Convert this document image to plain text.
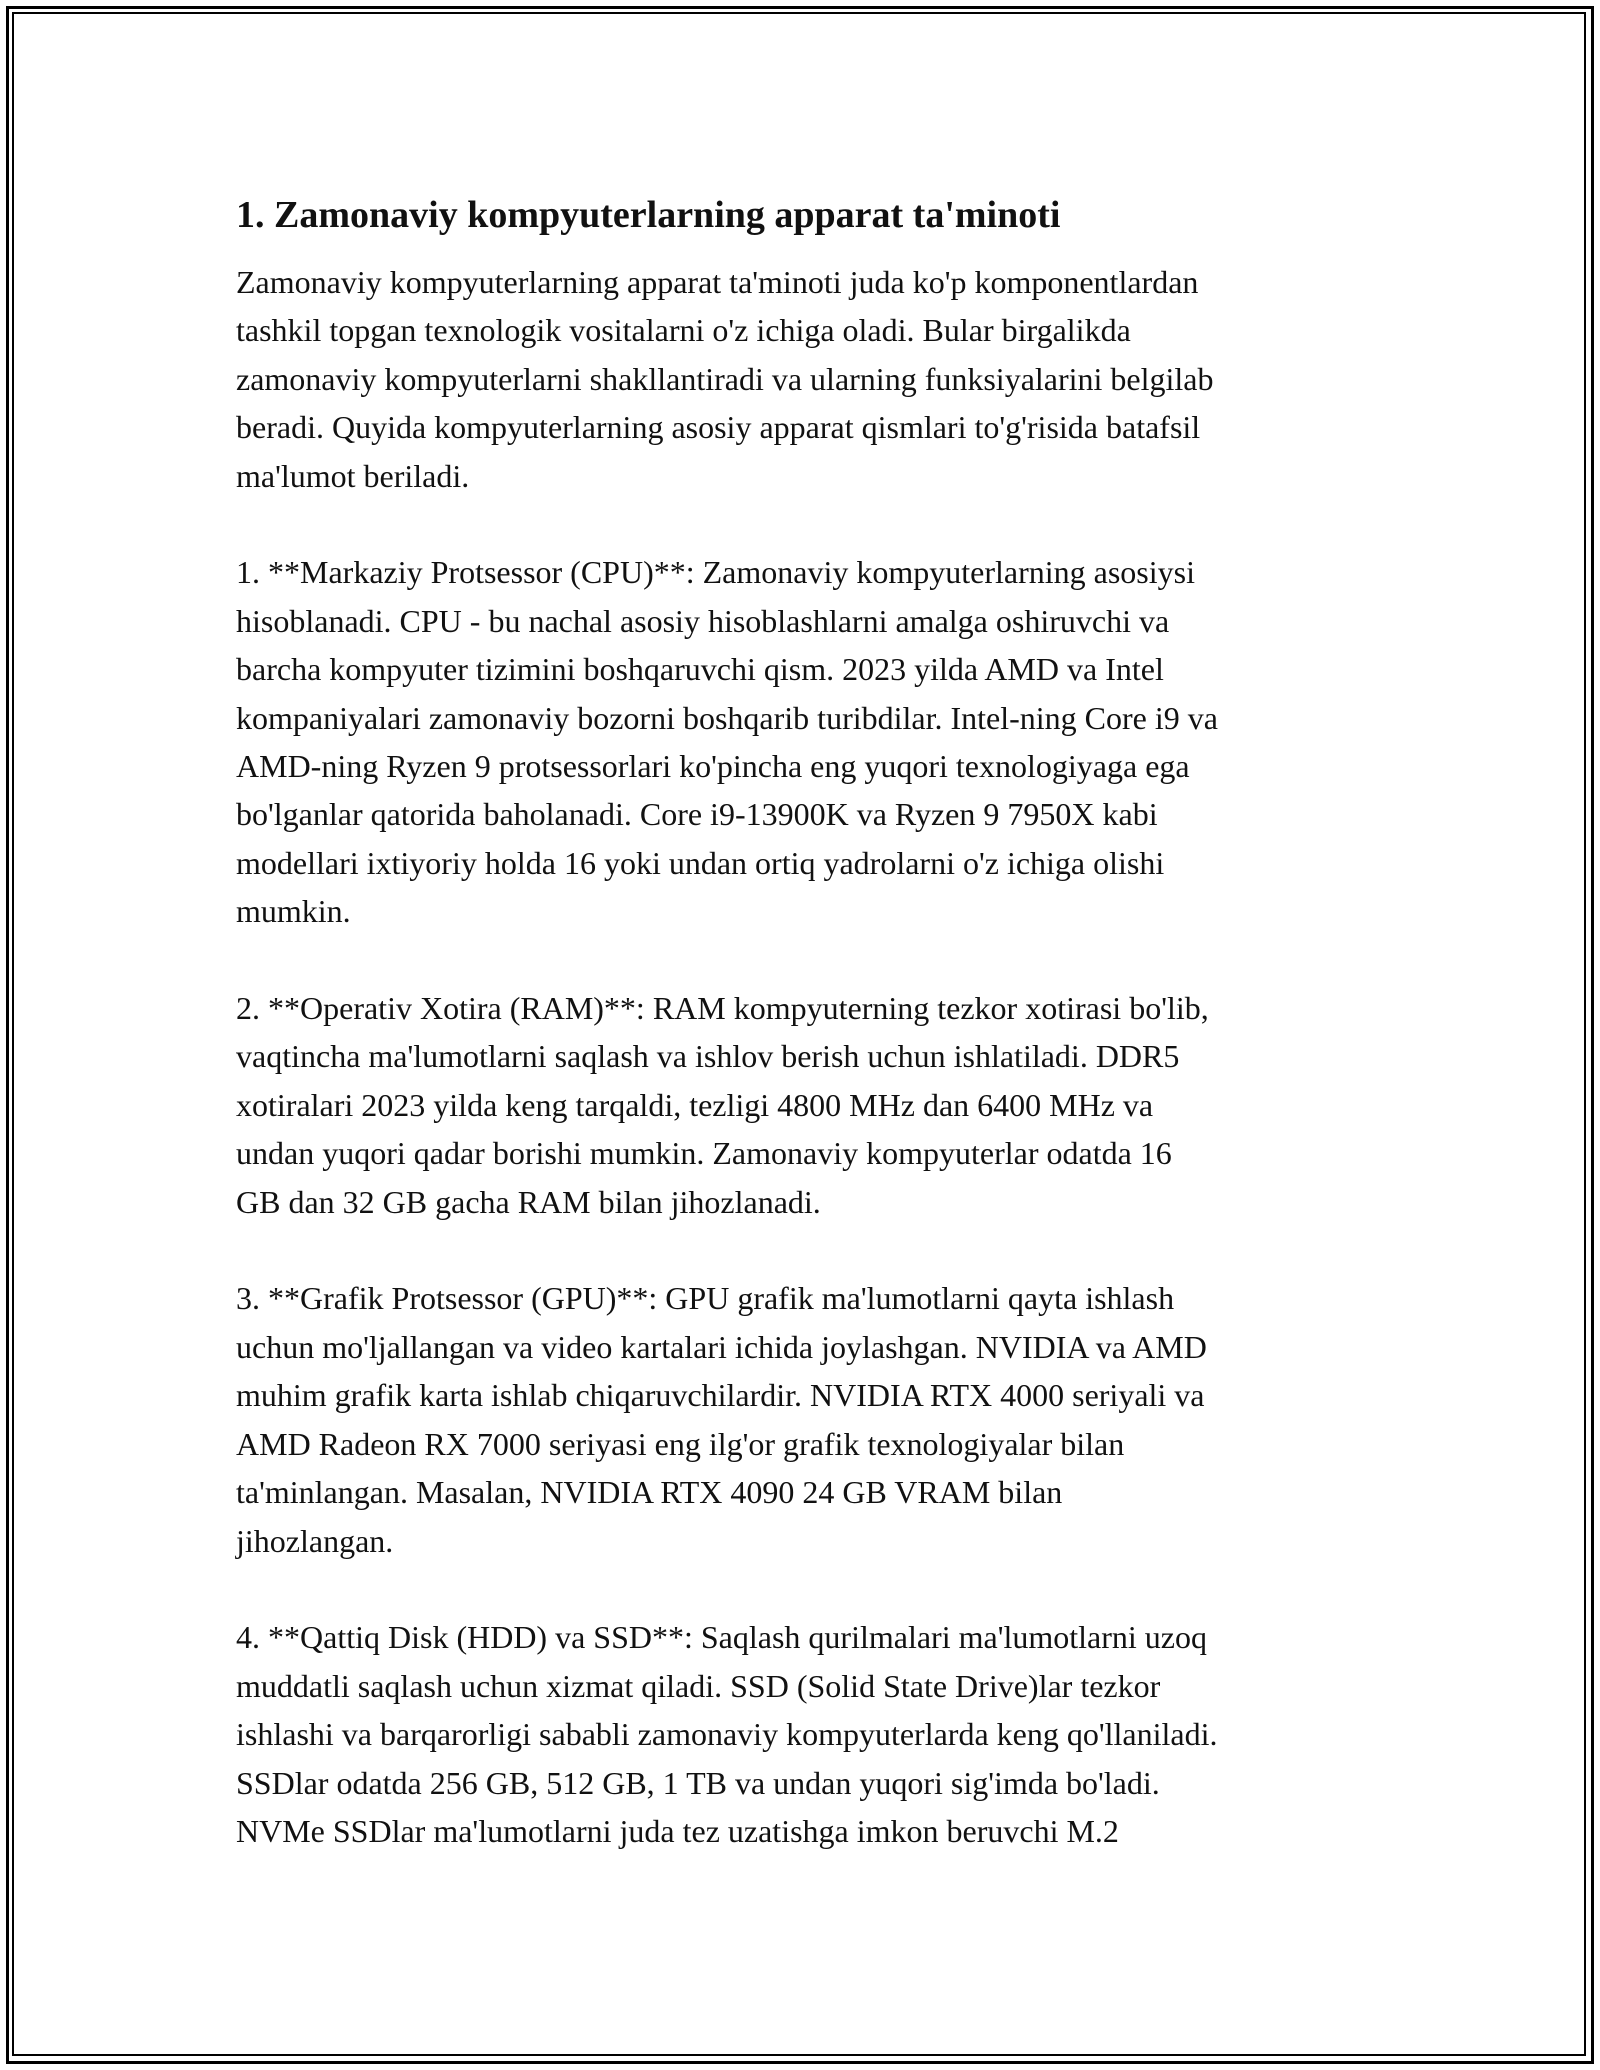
1. Zamonaviy kompyuterlarning apparat ta'minoti

Zamonaviy kompyuterlarning apparat ta'minoti juda ko'p komponentlardan
tashkil topgan texnologik vositalarni o'z ichiga oladi. Bular birgalikda
zamonaviy kompyuterlarni shakllantiradi va ularning funksiyalarini belgilab
beradi. Quyida kompyuterlarning asosiy apparat qismlari to'g'risida batafsil
ma'lumot beriladi.

1. **Markaziy Protsessor (CPU)**: Zamonaviy kompyuterlarning asosiysi
hisoblanadi. CPU - bu nachal asosiy hisoblashlarni amalga oshiruvchi va
barcha kompyuter tizimini boshqaruvchi qism. 2023 yilda AMD va Intel
kompaniyalari zamonaviy bozorni boshqarib turibdilar. Intel-ning Core i9 va
AMD-ning Ryzen 9 protsessorlari ko'pincha eng yuqori texnologiyaga ega
bo'lganlar qatorida baholanadi. Core i9-13900K va Ryzen 9 7950X kabi
modellari ixtiyoriy holda 16 yoki undan ortiq yadrolarni o'z ichiga olishi
mumkin.

2. **Operativ Xotira (RAM)**: RAM kompyuterning tezkor xotirasi bo'lib,
vaqtincha ma'lumotlarni saqlash va ishlov berish uchun ishlatiladi. DDR5
xotiralari 2023 yilda keng tarqaldi, tezligi 4800 MHz dan 6400 MHz va
undan yuqori qadar borishi mumkin. Zamonaviy kompyuterlar odatda 16
GB dan 32 GB gacha RAM bilan jihozlanadi.

3. **Grafik Protsessor (GPU)**: GPU grafik ma'lumotlarni qayta ishlash
uchun mo'ljallangan va video kartalari ichida joylashgan. NVIDIA va AMD
muhim grafik karta ishlab chiqaruvchilardir. NVIDIA RTX 4000 seriyali va
AMD Radeon RX 7000 seriyasi eng ilg'or grafik texnologiyalar bilan
ta'minlangan. Masalan, NVIDIA RTX 4090 24 GB VRAM bilan
jihozlangan.

4. **Qattiq Disk (HDD) va SSD**: Saqlash qurilmalari ma'lumotlarni uzoq
muddatli saqlash uchun xizmat qiladi. SSD (Solid State Drive)lar tezkor
ishlashi va barqarorligi sababli zamonaviy kompyuterlarda keng qo'llaniladi.
SSDlar odatda 256 GB, 512 GB, 1 TB va undan yuqori sig'imda bo'ladi.
NVMe SSDlar ma'lumotlarni juda tez uzatishga imkon beruvchi M.2
